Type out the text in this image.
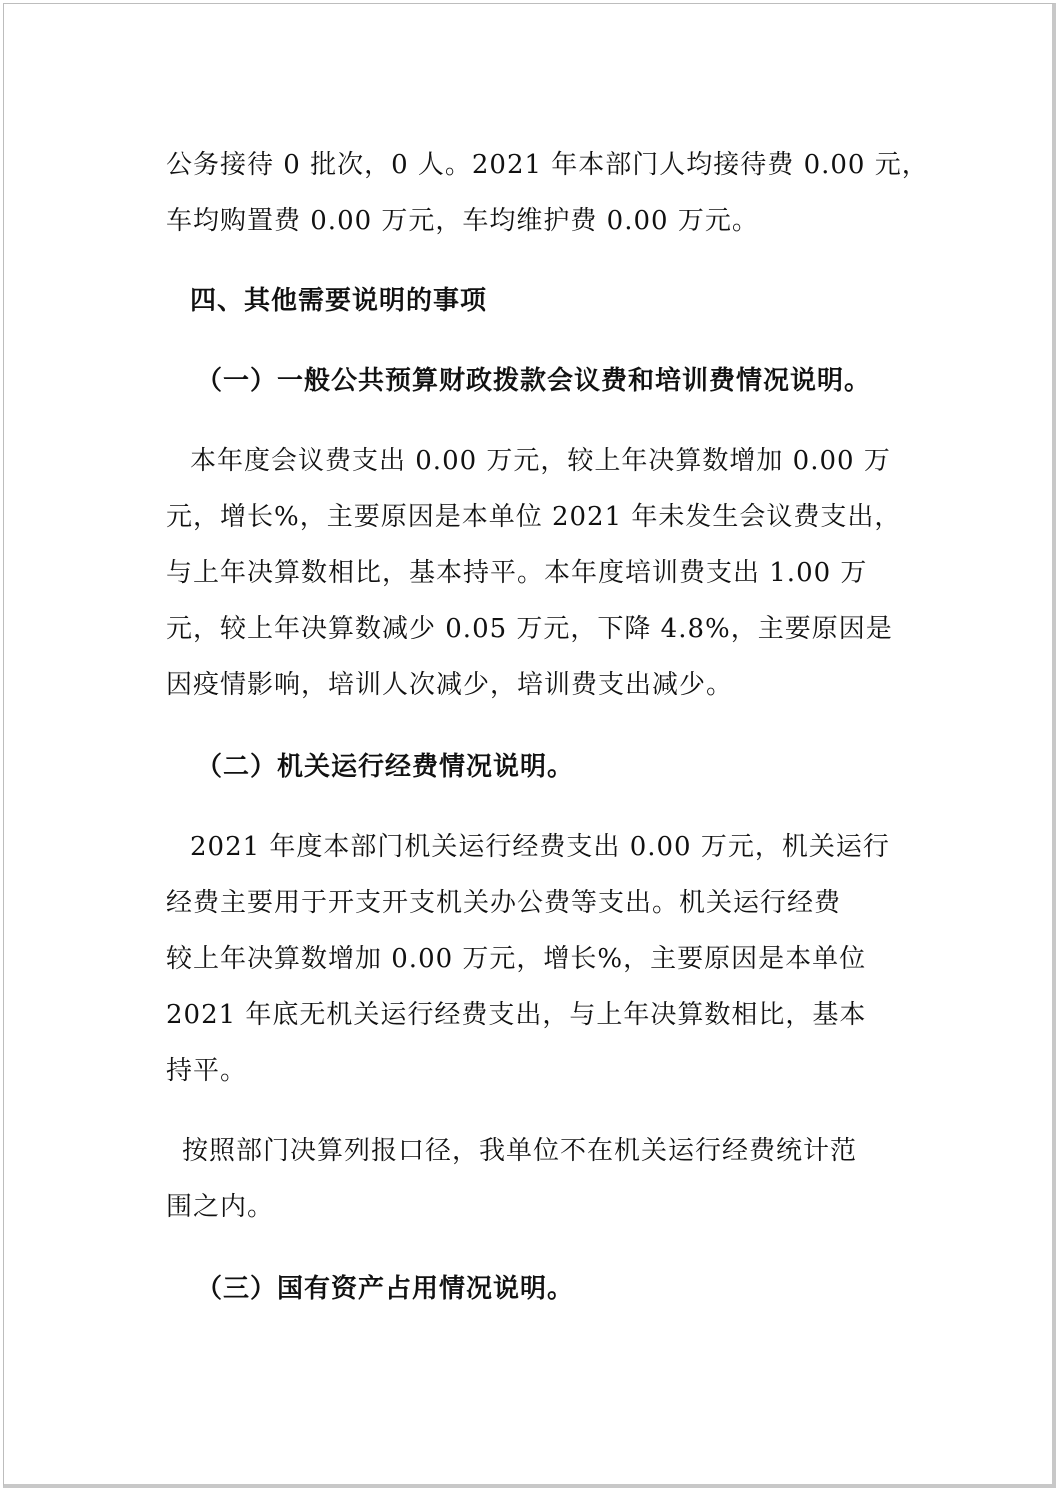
公务接待 0 批次，0 人。2021 年本部门人均接待费 0.00 元，
车均购置费 0.00 万元，车均维护费 0.00 万元。
四、其他需要说明的事项
（一）一般公共预算财政拨款会议费和培训费情况说明。
本年度会议费支出 0.00 万元，较上年决算数增加 0.00 万
元，增长%，主要原因是本单位 2021 年未发生会议费支出，
与上年决算数相比，基本持平。本年度培训费支出 1.00 万
元，较上年决算数减少 0.05 万元，下降 4.8%，主要原因是
因疫情影响，培训人次减少，培训费支出减少。
（二）机关运行经费情况说明。
2021 年度本部门机关运行经费支出 0.00 万元，机关运行
经费主要用于开支开支机关办公费等支出。机关运行经费
较上年决算数增加 0.00 万元，增长%，主要原因是本单位
2021 年底无机关运行经费支出，与上年决算数相比，基本
持平。
按照部门决算列报口径，我单位不在机关运行经费统计范
围之内。
（三）国有资产占用情况说明。
